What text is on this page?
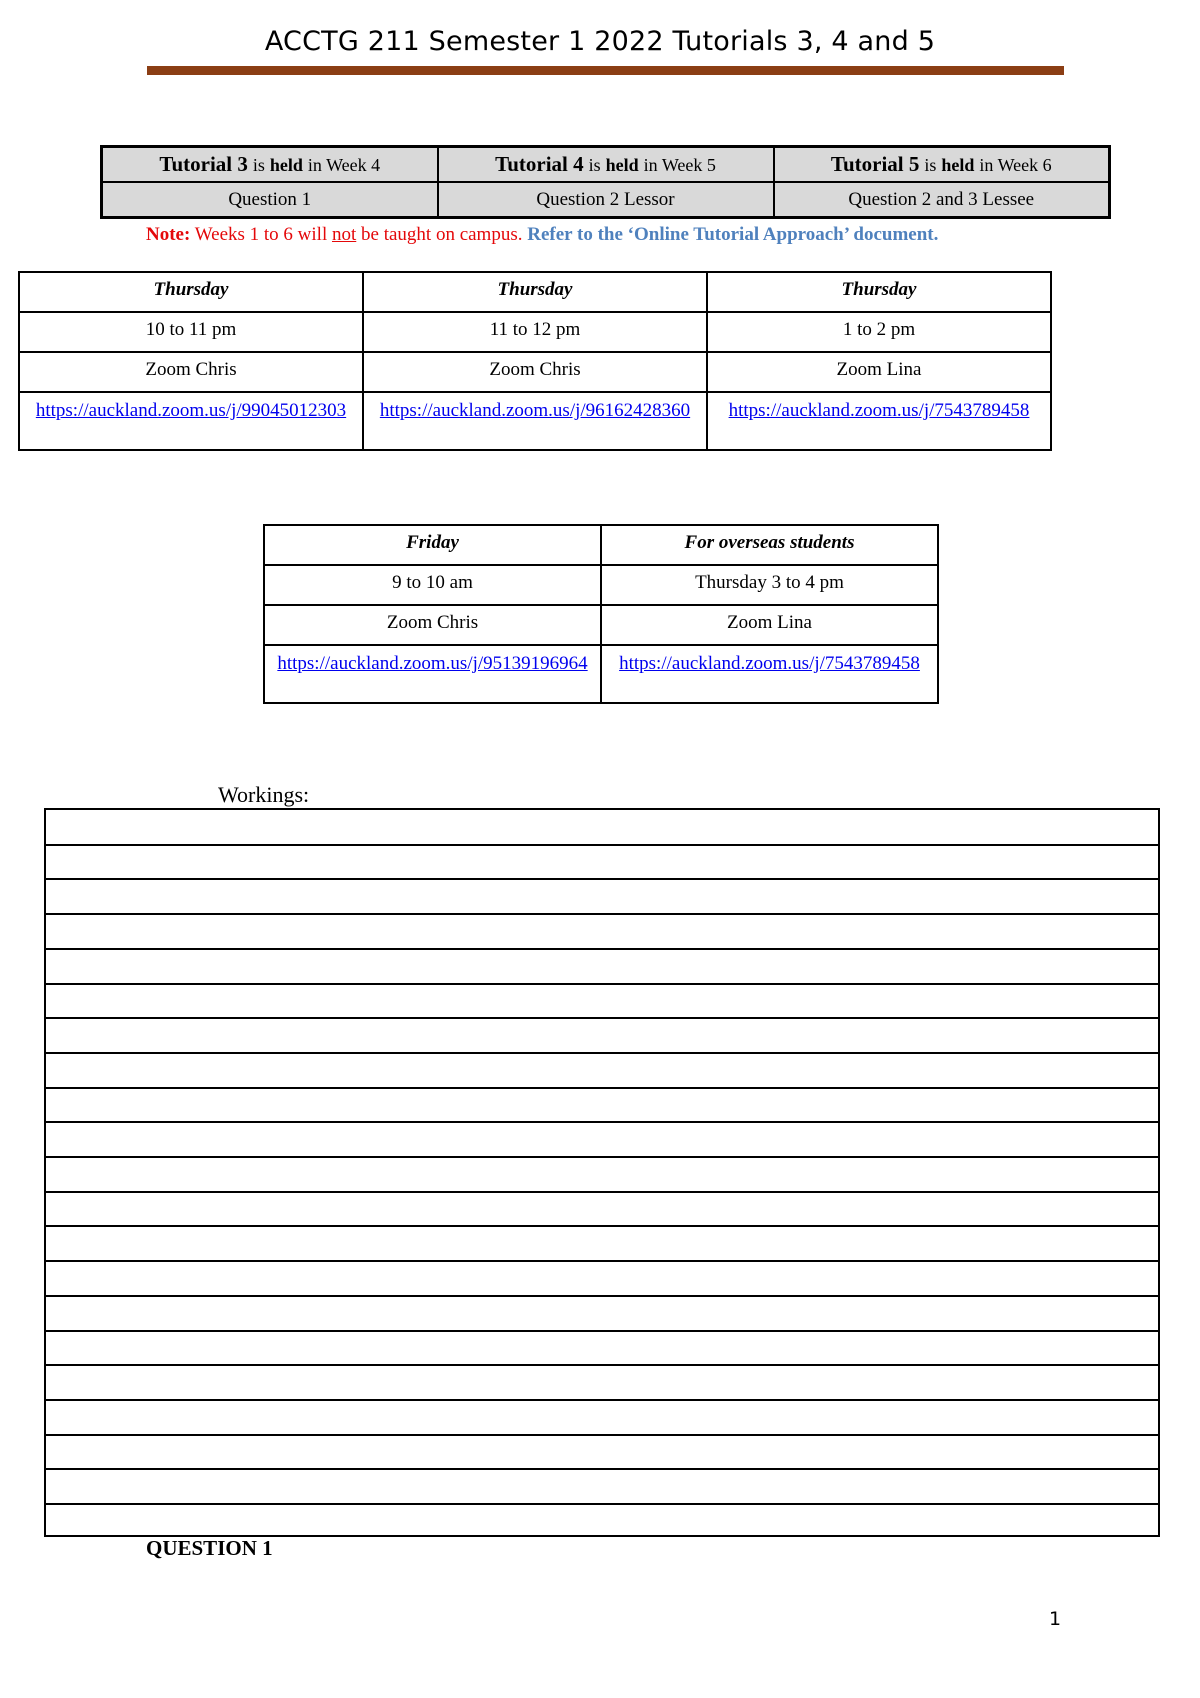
ACCTG 211 Semester 1 2022 Tutorials 3, 4 and 5
Tutorial 3 is held in Week 4	Tutorial 4 is held in Week 5	Tutorial 5 is held in Week 6
Question 1	Question 2 Lessor	Question 2 and 3 Lessee
Note: Weeks 1 to 6 will not be taught on campus. Refer to the ‘Online Tutorial Approach’ document.
Thursday	Thursday	Thursday
10 to 11 pm	11 to 12 pm	1 to 2 pm
Zoom Chris	Zoom Chris	Zoom Lina
https://auckland.zoom.us/j/99045012303	https://auckland.zoom.us/j/96162428360	https://auckland.zoom.us/j/7543789458
Friday	For overseas students
9 to 10 am	Thursday 3 to 4 pm
Zoom Chris	Zoom Lina
https://auckland.zoom.us/j/95139196964	https://auckland.zoom.us/j/7543789458
Workings:
QUESTION 1
1
